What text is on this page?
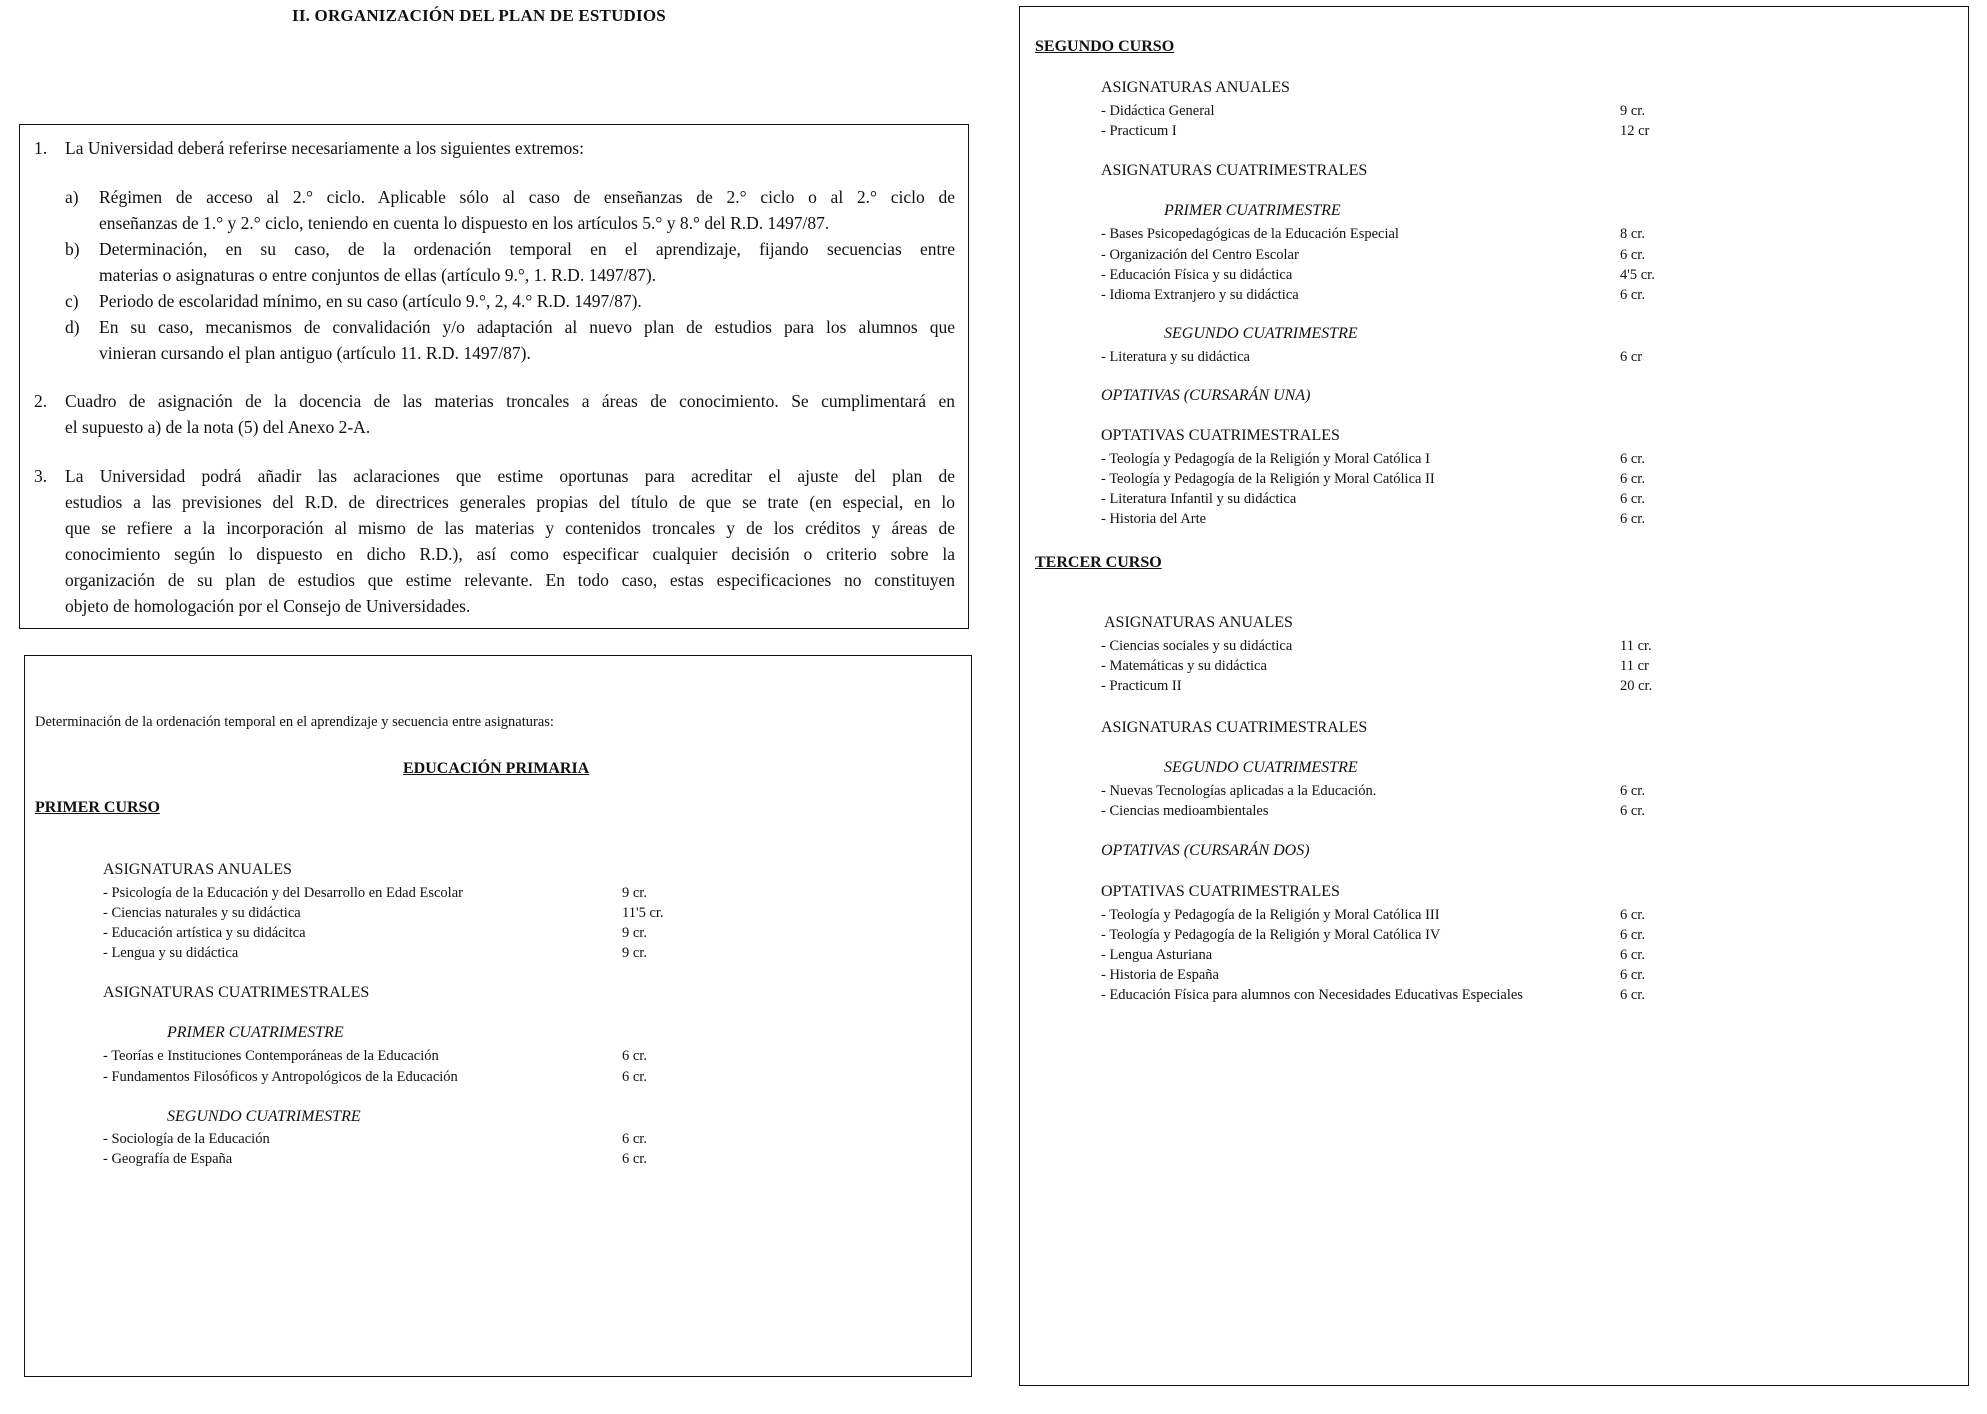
II. ORGANIZACIÓN DEL PLAN DE ESTUDIOS
1. La Universidad deberá referirse necesariamente a los siguientes extremos:
a) Régimen de acceso al 2.° ciclo. Aplicable sólo al caso de enseñanzas de 2.° ciclo o al 2.° ciclo de
enseñanzas de 1.° y 2.° ciclo, teniendo en cuenta lo dispuesto en los artículos 5.° y 8.° del R.D. 1497/87.
b) Determinación, en su caso, de la ordenación temporal en el aprendizaje, fijando secuencias entre
materias o asignaturas o entre conjuntos de ellas (artículo 9.°, 1. R.D. 1497/87).
c) Periodo de escolaridad mínimo, en su caso (artículo 9.°, 2, 4.° R.D. 1497/87).
d) En su caso, mecanismos de convalidación y/o adaptación al nuevo plan de estudios para los alumnos que
vinieran cursando el plan antiguo (artículo 11. R.D. 1497/87).
2. Cuadro de asignación de la docencia de las materias troncales a áreas de conocimiento. Se cumplimentará en
el supuesto a) de la nota (5) del Anexo 2-A.
3. La Universidad podrá añadir las aclaraciones que estime oportunas para acreditar el ajuste del plan de
estudios a las previsiones del R.D. de directrices generales propias del título de que se trate (en especial, en lo
que se refiere a la incorporación al mismo de las materias y contenidos troncales y de los créditos y áreas de
conocimiento según lo dispuesto en dicho R.D.), así como especificar cualquier decisión o criterio sobre la
organización de su plan de estudios que estime relevante. En todo caso, estas especificaciones no constituyen
objeto de homologación por el Consejo de Universidades.
Determinación de la ordenación temporal en el aprendizaje y secuencia entre asignaturas:
EDUCACIÓN PRIMARIA
PRIMER CURSO
ASIGNATURAS ANUALES
- Psicología de la Educación y del Desarrollo en Edad Escolar	9 cr.
- Ciencias naturales y su didáctica	11'5 cr.
- Educación artística y su didácitca	9 cr.
- Lengua y su didáctica	9 cr.
ASIGNATURAS CUATRIMESTRALES
PRIMER CUATRIMESTRE
- Teorías e Instituciones Contemporáneas de la Educación	6 cr.
- Fundamentos Filosóficos y Antropológicos de la Educación	6 cr.
SEGUNDO CUATRIMESTRE
- Sociología de la Educación	6 cr.
- Geografía de España	6 cr.
SEGUNDO CURSO
ASIGNATURAS ANUALES
- Didáctica General	9 cr.
- Practicum I	12 cr
ASIGNATURAS CUATRIMESTRALES
PRIMER CUATRIMESTRE
- Bases Psicopedagógicas de la Educación Especial	8 cr.
- Organización del Centro Escolar	6 cr.
- Educación Física y su didáctica	4'5 cr.
- Idioma Extranjero y su didáctica	6 cr.
SEGUNDO CUATRIMESTRE
- Literatura y su didáctica	6 cr
OPTATIVAS (CURSARÁN UNA)
OPTATIVAS CUATRIMESTRALES
- Teología y Pedagogía de la Religión y Moral Católica I	6 cr.
- Teología y Pedagogía de la Religión y Moral Católica II	6 cr.
- Literatura Infantil y su didáctica	6 cr.
- Historia del Arte	6 cr.
TERCER CURSO
ASIGNATURAS ANUALES
- Ciencias sociales y su didáctica	11 cr.
- Matemáticas y su didáctica	11 cr
- Practicum II	20 cr.
ASIGNATURAS CUATRIMESTRALES
SEGUNDO CUATRIMESTRE
- Nuevas Tecnologías aplicadas a la Educación.	6 cr.
- Ciencias medioambientales	6 cr.
OPTATIVAS (CURSARÁN DOS)
OPTATIVAS CUATRIMESTRALES
- Teología y Pedagogía de la Religión y Moral Católica III	6 cr.
- Teología y Pedagogía de la Religión y Moral Católica IV	6 cr.
- Lengua Asturiana	6 cr.
- Historia de España	6 cr.
- Educación Física para alumnos con Necesidades Educativas Especiales	6 cr.
